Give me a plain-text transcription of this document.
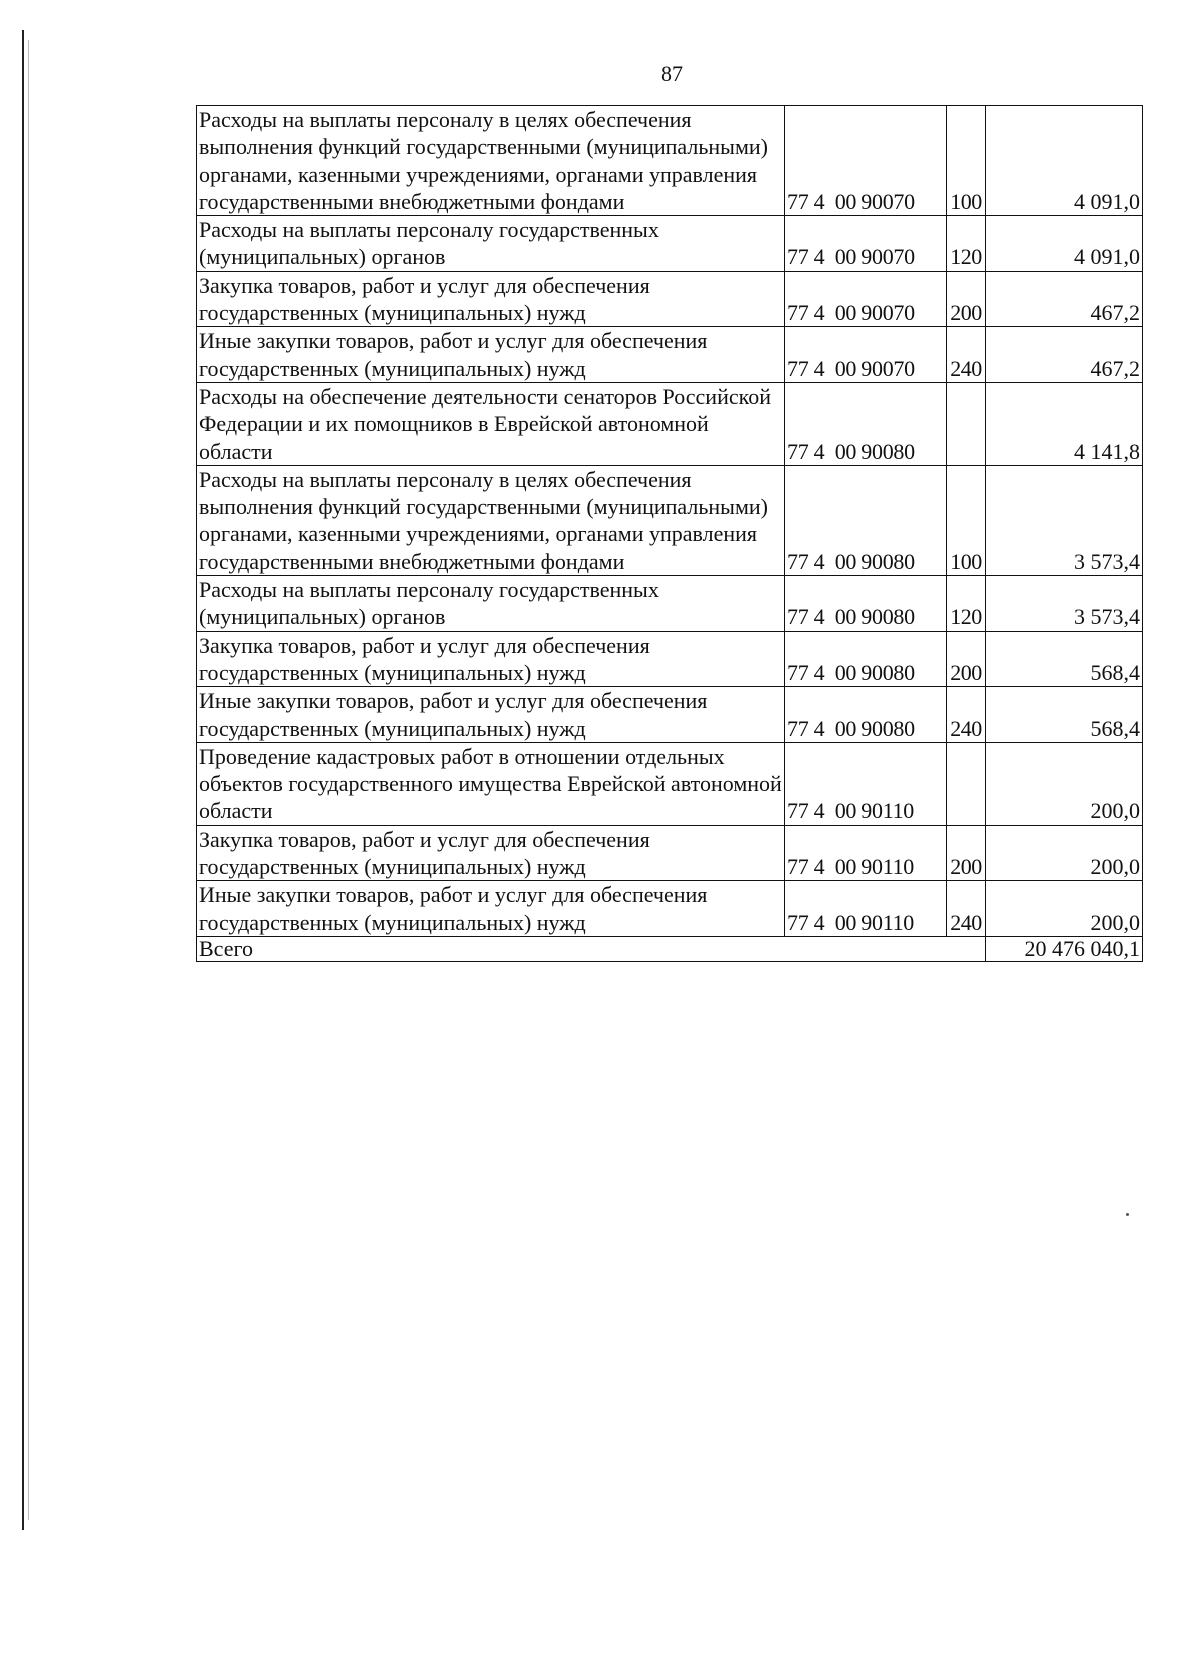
87
Расходы на выплаты персоналу в целях обеспечения выполнения функций государственными (муниципальными) органами, казенными учреждениями, органами управления государственными внебюджетными фондами	77 4  00 90070	100	4 091,0
Расходы на выплаты персоналу государственных (муниципальных) органов	77 4  00 90070	120	4 091,0
Закупка товаров, работ и услуг для обеспечения государственных (муниципальных) нужд	77 4  00 90070	200	467,2
Иные закупки товаров, работ и услуг для обеспечения государственных (муниципальных) нужд	77 4  00 90070	240	467,2
Расходы на обеспечение деятельности сенаторов Российской Федерации и их помощников в Еврейской автономной области	77 4  00 90080		4 141,8
Расходы на выплаты персоналу в целях обеспечения выполнения функций государственными (муниципальными) органами, казенными учреждениями, органами управления государственными внебюджетными фондами	77 4  00 90080	100	3 573,4
Расходы на выплаты персоналу государственных (муниципальных) органов	77 4  00 90080	120	3 573,4
Закупка товаров, работ и услуг для обеспечения государственных (муниципальных) нужд	77 4  00 90080	200	568,4
Иные закупки товаров, работ и услуг для обеспечения государственных (муниципальных) нужд	77 4  00 90080	240	568,4
Проведение кадастровых работ в отношении отдельных объектов государственного имущества Еврейской автономной области	77 4  00 90110		200,0
Закупка товаров, работ и услуг для обеспечения государственных (муниципальных) нужд	77 4  00 90110	200	200,0
Иные закупки товаров, работ и услуг для обеспечения государственных (муниципальных) нужд	77 4  00 90110	240	200,0
Всего			20 476 040,1
